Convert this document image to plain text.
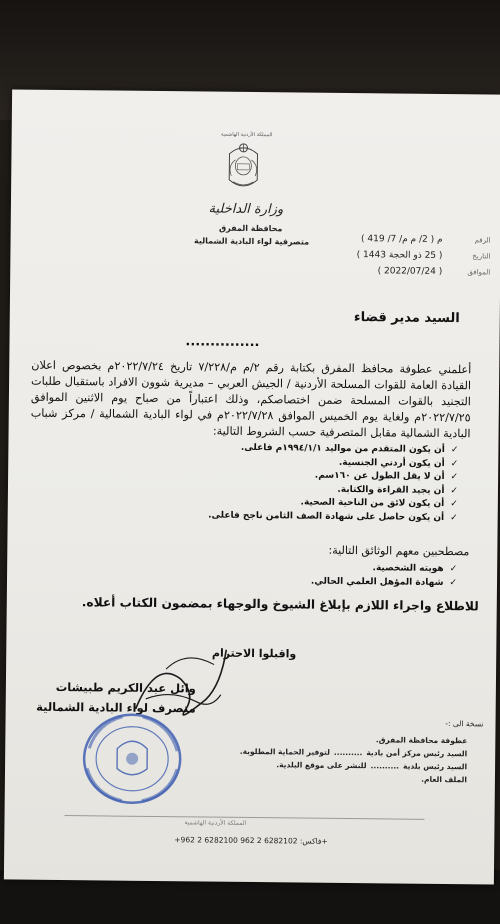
المملكة الأردنية الهاشمية
وزارة الداخلية
محافظة المفرق
متصرفية لواء البادية الشمالية	الرقم
م ( 2/ م م/ 7/ 419 )
التاريخ
( 25 ذو الحجة 1443 )
الموافق
( 2022/07/24 )
السيد مدير قضاء
...............
أعلمني عطوفة محافظ المفرق بكتابة رقم ٢/م م/٧/٢٢٨ تاريخ ٢٠٢٢/٧/٢٤م بخصوص اعلان القيادة العامة للقوات المسلحة الأردنية / الجيش العربي – مديرية شوون الافراد باستقبال طلبات التجنيد بالقوات المسلحة ضمن اختصاصكم، وذلك اعتباراً من صباح يوم الاثنين الموافق ٢٠٢٢/٧/٢٥م ولغاية يوم الخميس الموافق ٢٠٢٢/٧/٢٨م في لواء البادية الشمالية / مركز شباب البادية الشمالية مقابل المتصرفية حسب الشروط التالية:
✓
أن يكون المتقدم من مواليد ١٩٩٤/١/١م فاعلى.
✓
أن يكون أردني الجنسية.
✓
أن لا يقل الطول عن ١٦٠سم.
✓
أن يجيد القراءة والكتابة.
✓
أن يكون لائق من الناحية الصحية.
✓
أن يكون حاصل على شهادة الصف الثامن ناجح فاعلى.
مصطحبين معهم الوثائق التالية:
✓
هويته الشخصية.
✓
شهادة المؤهل العلمي الحالي.
للاطلاع واجراء اللازم بإبلاغ الشيوخ والوجهاء بمضمون الكتاب أعلاه.
واقبلوا الاحترام
وائل عبد الكريم طبيشات
متصرف لواء البادية الشمالية
نسخة الى :-
عطوفة محافظة المفرق.
السيد رئيس مركز أمن بادية
..........
لتوفير الحماية المطلوبة.
السيد رئيس بلدية
..........
للنشر على موقع البلدية.
الملف العام.
المملكة الأردنية الهاشمية
+962 2 6282100 فاكس: 6282102 2 962+
